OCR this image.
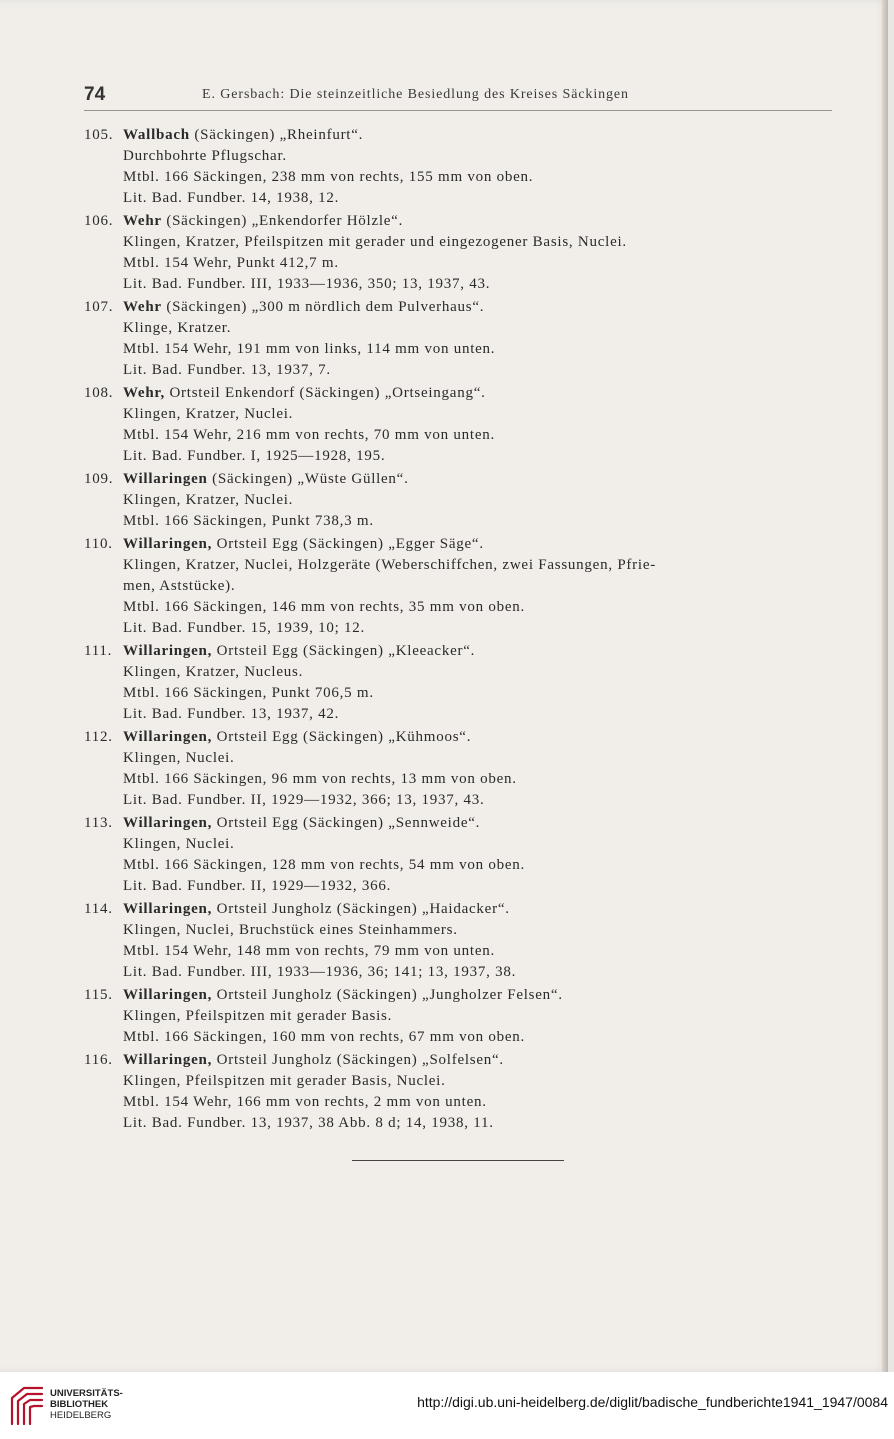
74	E. Gersbach: Die steinzeitliche Besiedlung des Kreises Säckingen
105. Wallbach (Säckingen) „Rheinfurt“.
Durchbohrte Pflugschar.
Mtbl. 166 Säckingen, 238 mm von rechts, 155 mm von oben.
Lit. Bad. Fundber. 14, 1938, 12.
106. Wehr (Säckingen) „Enkendorfer Hölzle“.
Klingen, Kratzer, Pfeilspitzen mit gerader und eingezogener Basis, Nuclei.
Mtbl. 154 Wehr, Punkt 412,7 m.
Lit. Bad. Fundber. III, 1933—1936, 350; 13, 1937, 43.
107. Wehr (Säckingen) „300 m nördlich dem Pulverhaus“.
Klinge, Kratzer.
Mtbl. 154 Wehr, 191 mm von links, 114 mm von unten.
Lit. Bad. Fundber. 13, 1937, 7.
108. Wehr, Ortsteil Enkendorf (Säckingen) „Ortseingang“.
Klingen, Kratzer, Nuclei.
Mtbl. 154 Wehr, 216 mm von rechts, 70 mm von unten.
Lit. Bad. Fundber. I, 1925—1928, 195.
109. Willaringen (Säckingen) „Wüste Güllen“.
Klingen, Kratzer, Nuclei.
Mtbl. 166 Säckingen, Punkt 738,3 m.
110. Willaringen, Ortsteil Egg (Säckingen) „Egger Säge“.
Klingen, Kratzer, Nuclei, Holzgeräte (Weberschiffchen, zwei Fassungen, Pfrie-
men, Aststücke).
Mtbl. 166 Säckingen, 146 mm von rechts, 35 mm von oben.
Lit. Bad. Fundber. 15, 1939, 10; 12.
111. Willaringen, Ortsteil Egg (Säckingen) „Kleeacker“.
Klingen, Kratzer, Nucleus.
Mtbl. 166 Säckingen, Punkt 706,5 m.
Lit. Bad. Fundber. 13, 1937, 42.
112. Willaringen, Ortsteil Egg (Säckingen) „Kühmoos“.
Klingen, Nuclei.
Mtbl. 166 Säckingen, 96 mm von rechts, 13 mm von oben.
Lit. Bad. Fundber. II, 1929—1932, 366; 13, 1937, 43.
113. Willaringen, Ortsteil Egg (Säckingen) „Sennweide“.
Klingen, Nuclei.
Mtbl. 166 Säckingen, 128 mm von rechts, 54 mm von oben.
Lit. Bad. Fundber. II, 1929—1932, 366.
114. Willaringen, Ortsteil Jungholz (Säckingen) „Haidacker“.
Klingen, Nuclei, Bruchstück eines Steinhammers.
Mtbl. 154 Wehr, 148 mm von rechts, 79 mm von unten.
Lit. Bad. Fundber. III, 1933—1936, 36; 141; 13, 1937, 38.
115. Willaringen, Ortsteil Jungholz (Säckingen) „Jungholzer Felsen“.
Klingen, Pfeilspitzen mit gerader Basis.
Mtbl. 166 Säckingen, 160 mm von rechts, 67 mm von oben.
116. Willaringen, Ortsteil Jungholz (Säckingen) „Solfelsen“.
Klingen, Pfeilspitzen mit gerader Basis, Nuclei.
Mtbl. 154 Wehr, 166 mm von rechts, 2 mm von unten.
Lit. Bad. Fundber. 13, 1937, 38 Abb. 8 d; 14, 1938, 11.
UNIVERSITÄTS-
BIBLIOTHEK
HEIDELBERG
http://digi.ub.uni-heidelberg.de/diglit/badische_fundberichte1941_1947/0084
